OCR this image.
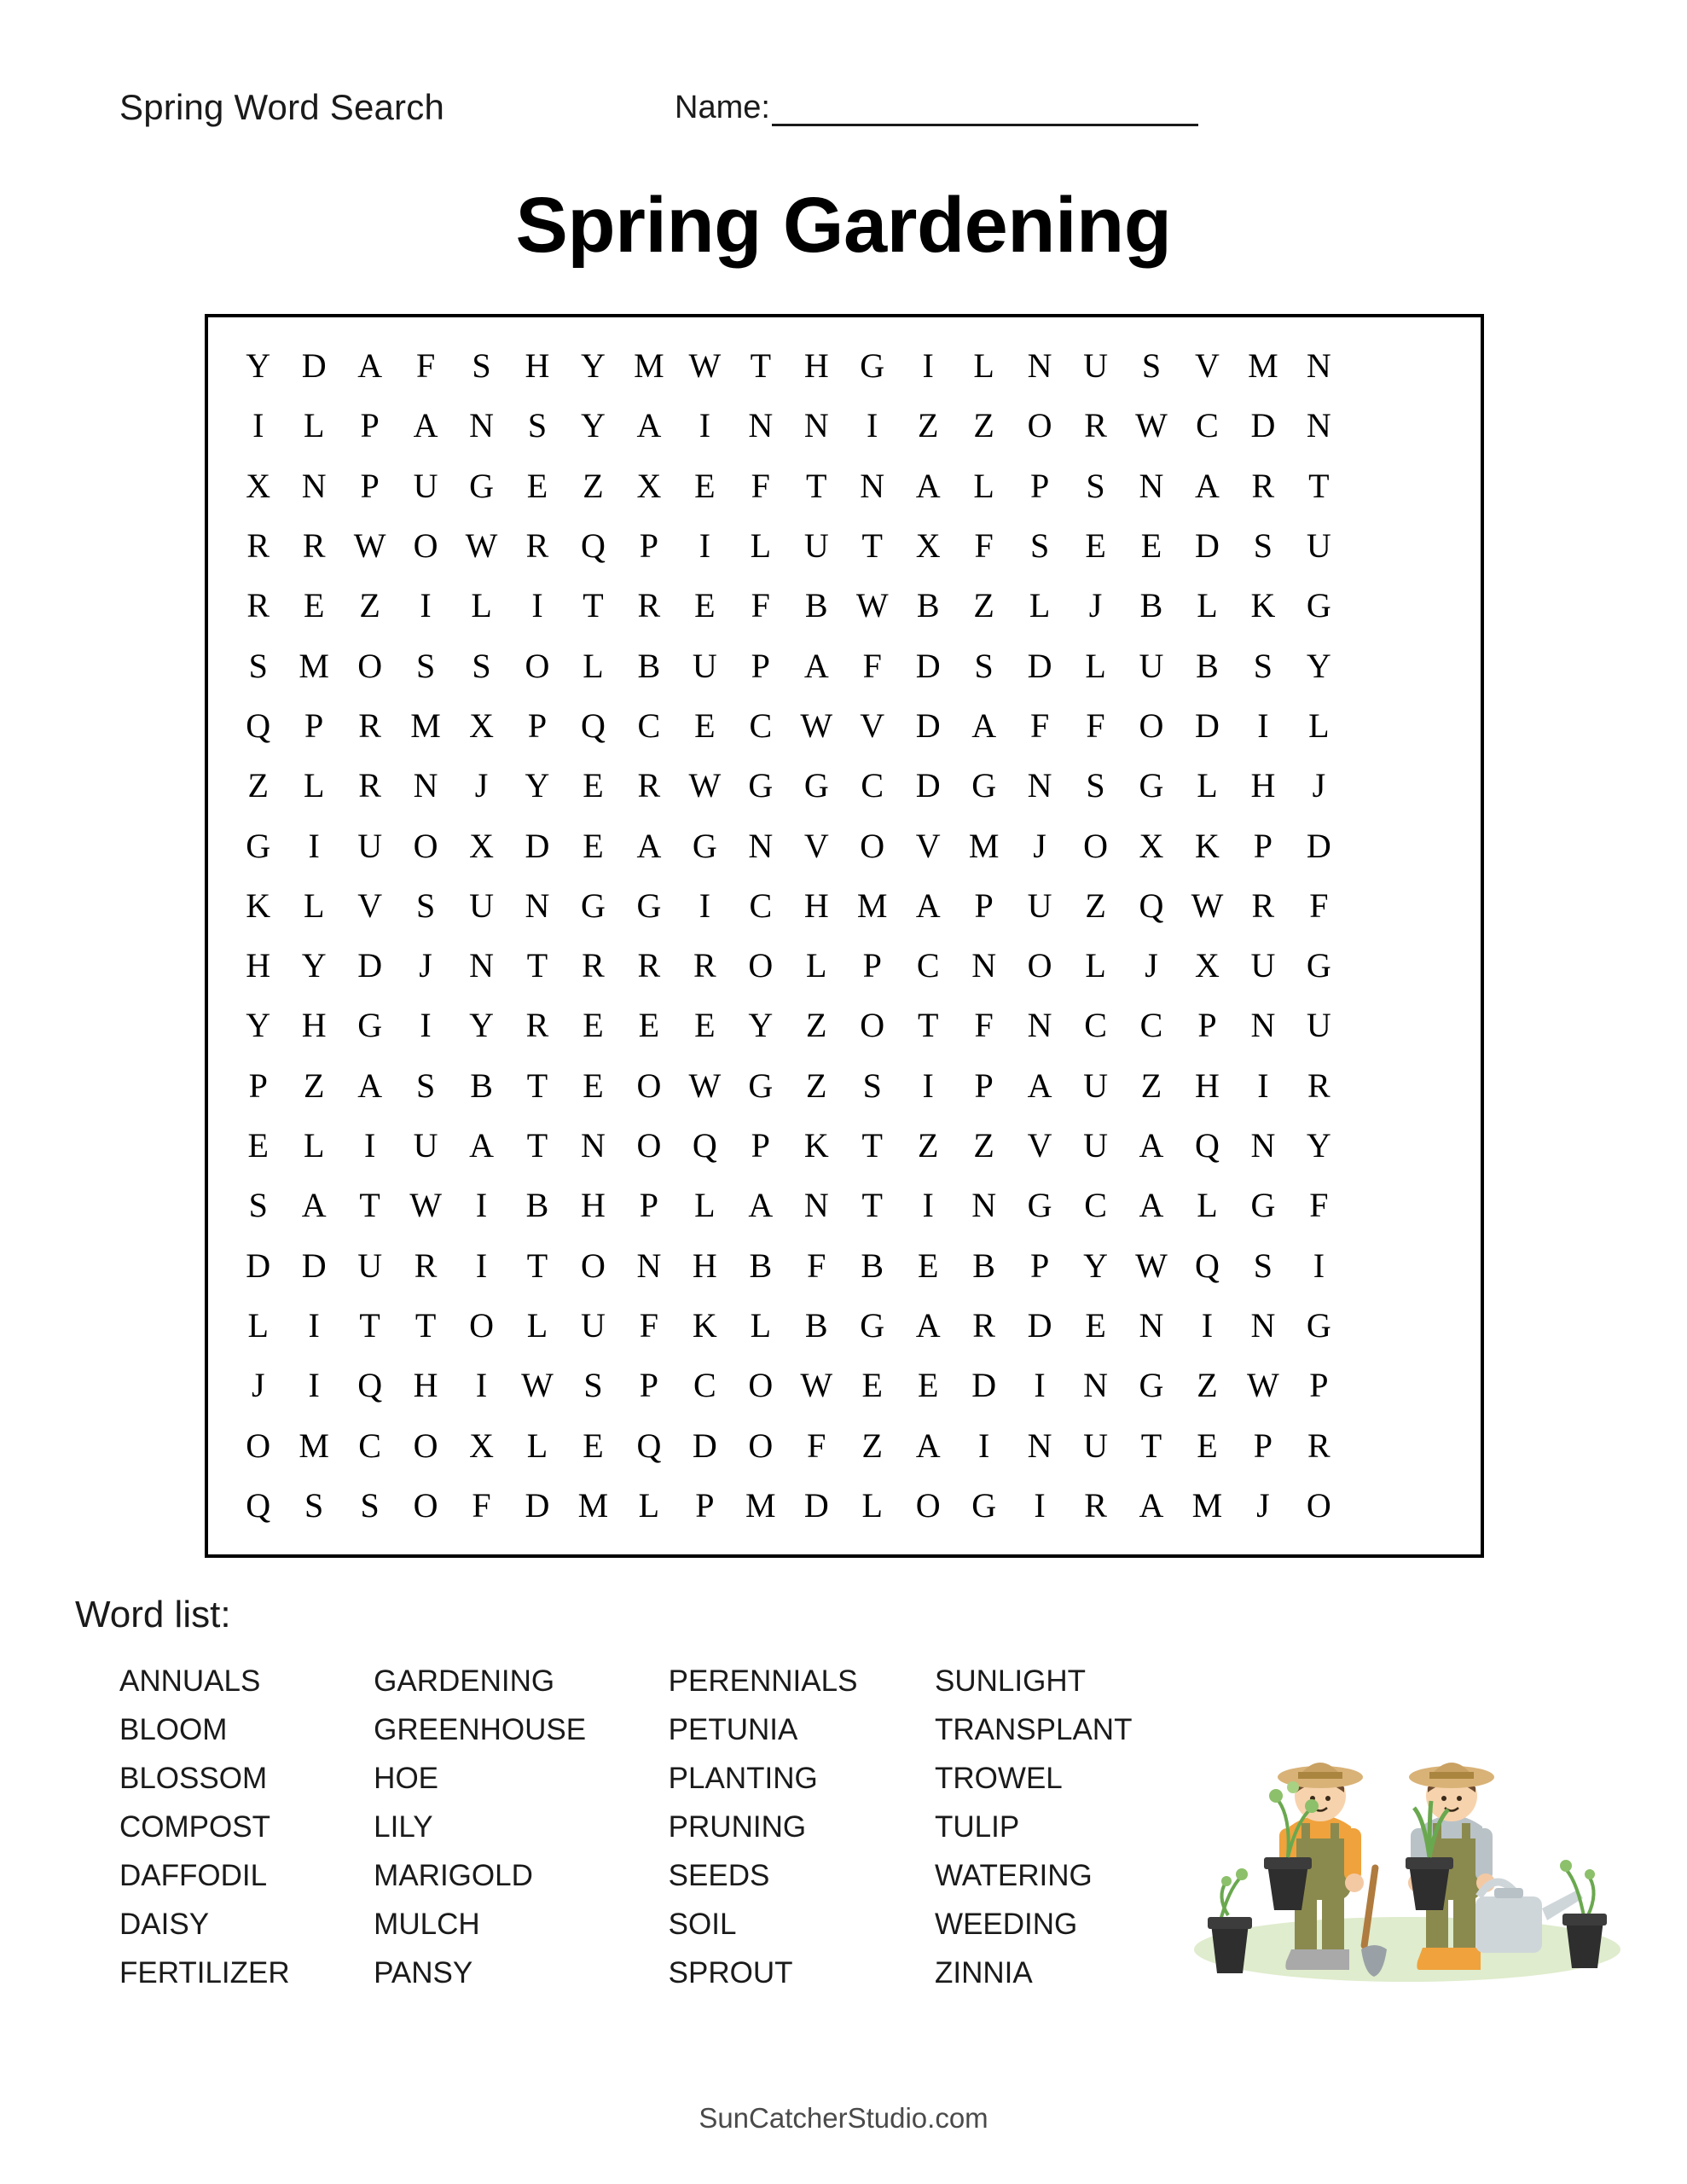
Spring Word Search	Name:
Spring Gardening
Y D A F S H Y M W T H G I L N U S V M N
I L P A N S Y A I N N I Z Z O R W C D N
X N P U G E Z X E F T N A L P S N A R T
R R W O W R Q P I L U T X F S E E D S U
R E Z I L I T R E F B W B Z L J B L K G
S M O S S O L B U P A F D S D L U B S Y
Q P R M X P Q C E C W V D A F F O D I L
Z L R N J Y E R W G G C D G N S G L H J
G I U O X D E A G N V O V M J O X K P D
K L V S U N G G I C H M A P U Z Q W R F
H Y D J N T R R R O L P C N O L J X U G
Y H G I Y R E E E Y Z O T F N C C P N U
P Z A S B T E O W G Z S I P A U Z H I R
E L I U A T N O Q P K T Z Z V U A Q N Y
S A T W I B H P L A N T I N G C A L G F
D D U R I T O N H B F B E B P Y W Q S I
L I T T O L U F K L B G A R D E N I N G
J I Q H I W S P C O W E E D I N G Z W P
O M C O X L E Q D O F Z A I N U T E P R
Q S S O F D M L P M D L O G I R A M J O
Word list:
ANNUALS
BLOOM
BLOSSOM
COMPOST
DAFFODIL
DAISY
FERTILIZER
GARDENING
GREENHOUSE
HOE
LILY
MARIGOLD
MULCH
PANSY
PERENNIALS
PETUNIA
PLANTING
PRUNING
SEEDS
SOIL
SPROUT
SUNLIGHT
TRANSPLANT
TROWEL
TULIP
WATERING
WEEDING
ZINNIA
SunCatcherStudio.com
